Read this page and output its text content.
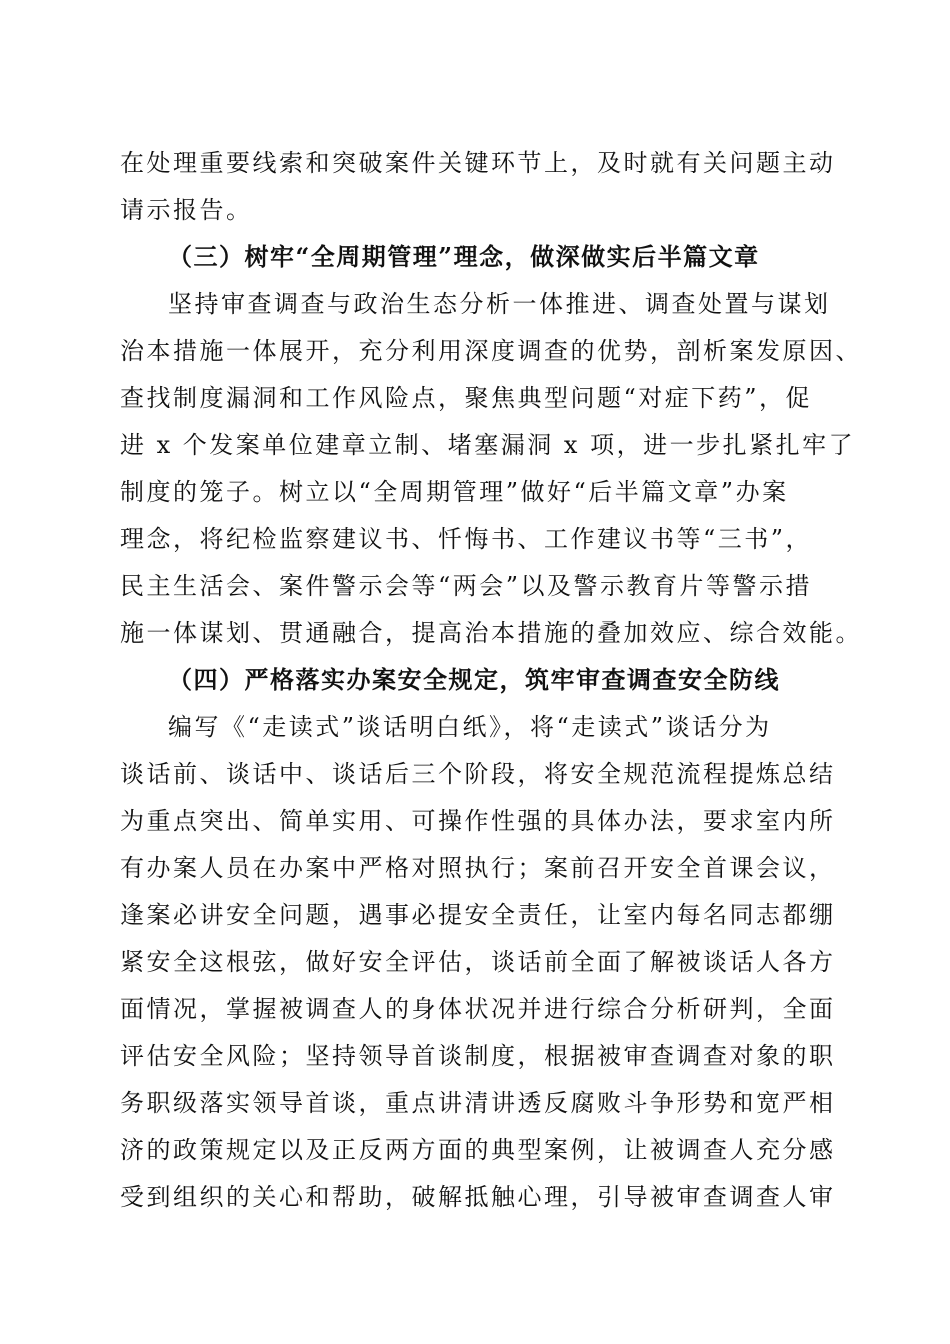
在处理重要线索和突破案件关键环节上，及时就有关问题主动
请示报告。
（三）树牢“全周期管理”理念，做深做实后半篇文章
坚持审查调查与政治生态分析一体推进、调查处置与谋划
治本措施一体展开，充分利用深度调查的优势，剖析案发原因、
查找制度漏洞和工作风险点，聚焦典型问题“对症下药”，促
进 x 个发案单位建章立制、堵塞漏洞 x 项，进一步扎紧扎牢了
制度的笼子。树立以“全周期管理”做好“后半篇文章”办案
理念，将纪检监察建议书、忏悔书、工作建议书等“三书”，
民主生活会、案件警示会等“两会”以及警示教育片等警示措
施一体谋划、贯通融合，提高治本措施的叠加效应、综合效能。
（四）严格落实办案安全规定，筑牢审查调查安全防线
编写《“走读式”谈话明白纸》，将“走读式”谈话分为
谈话前、谈话中、谈话后三个阶段，将安全规范流程提炼总结
为重点突出、简单实用、可操作性强的具体办法，要求室内所
有办案人员在办案中严格对照执行；案前召开安全首课会议，
逢案必讲安全问题，遇事必提安全责任，让室内每名同志都绷
紧安全这根弦，做好安全评估，谈话前全面了解被谈话人各方
面情况，掌握被调查人的身体状况并进行综合分析研判，全面
评估安全风险；坚持领导首谈制度，根据被审查调查对象的职
务职级落实领导首谈，重点讲清讲透反腐败斗争形势和宽严相
济的政策规定以及正反两方面的典型案例，让被调查人充分感
受到组织的关心和帮助，破解抵触心理，引导被审查调查人审
